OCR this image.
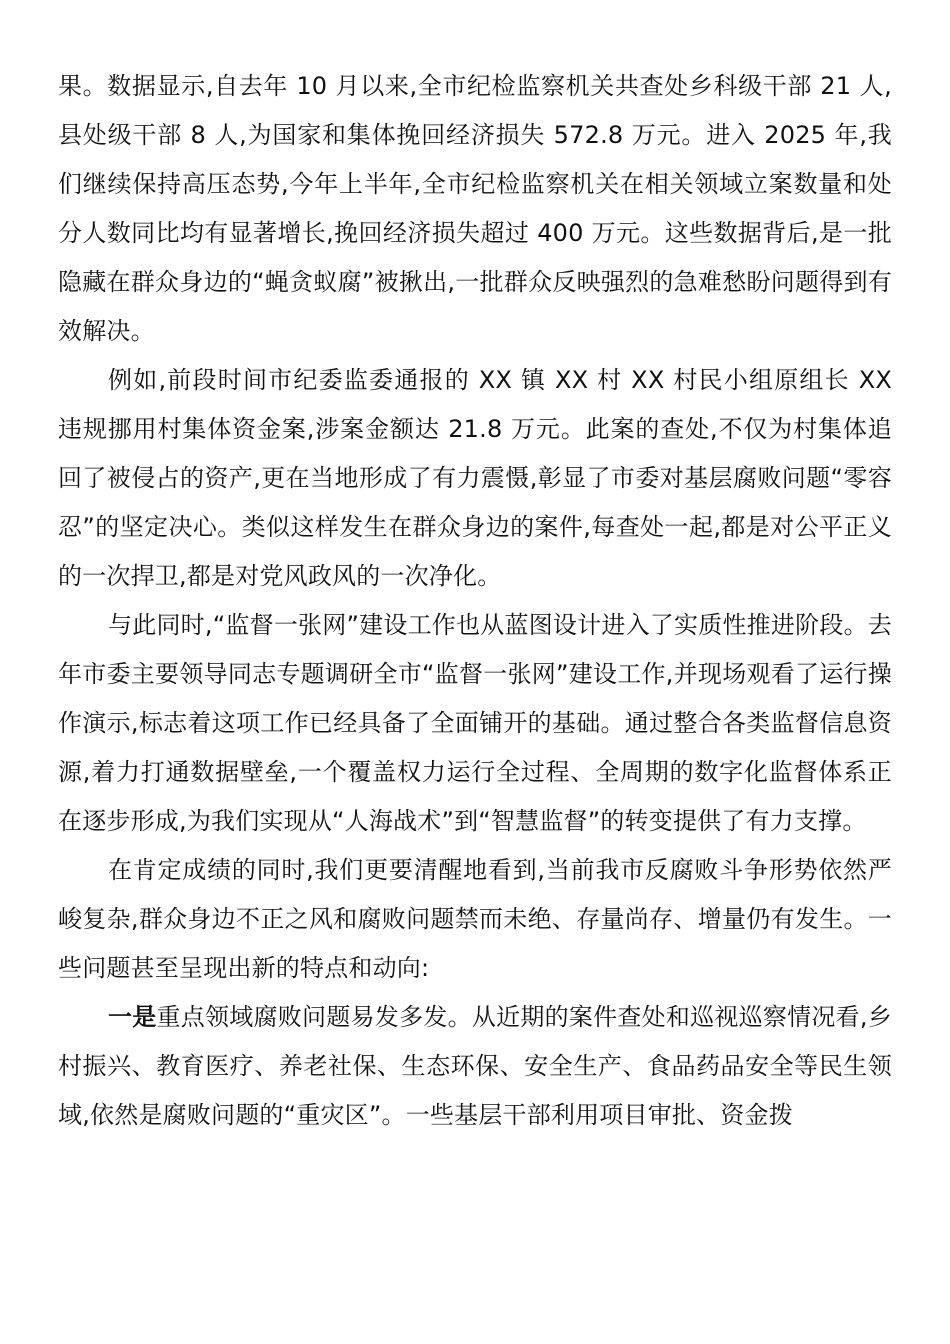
果。数据显示,自去年 10 月以来,全市纪检监察机关共查处乡科级干部 21 人,县处级干部 8 人,为国家和集体挽回经济损失 572.8 万元。进入 2025 年,我们继续保持高压态势,今年上半年,全市纪检监察机关在相关领域立案数量和处分人数同比均有显著增长,挽回经济损失超过 400 万元。这些数据背后,是一批隐藏在群众身边的“蝇贪蚁腐”被揪出,一批群众反映强烈的急难愁盼问题得到有效解决。

例如,前段时间市纪委监委通报的 XX 镇 XX 村 XX 村民小组原组长 XX 违规挪用村集体资金案,涉案金额达 21.8 万元。此案的查处,不仅为村集体追回了被侵占的资产,更在当地形成了有力震慑,彰显了市委对基层腐败问题“零容忍”的坚定决心。类似这样发生在群众身边的案件,每查处一起,都是对公平正义的一次捍卫,都是对党风政风的一次净化。

与此同时,“监督一张网”建设工作也从蓝图设计进入了实质性推进阶段。去年市委主要领导同志专题调研全市“监督一张网”建设工作,并现场观看了运行操作演示,标志着这项工作已经具备了全面铺开的基础。通过整合各类监督信息资源,着力打通数据壁垒,一个覆盖权力运行全过程、全周期的数字化监督体系正在逐步形成,为我们实现从“人海战术”到“智慧监督”的转变提供了有力支撑。

在肯定成绩的同时,我们更要清醒地看到,当前我市反腐败斗争形势依然严峻复杂,群众身边不正之风和腐败问题禁而未绝、存量尚存、增量仍有发生。一些问题甚至呈现出新的特点和动向:

一是重点领域腐败问题易发多发。从近期的案件查处和巡视巡察情况看,乡村振兴、教育医疗、养老社保、生态环保、安全生产、食品药品安全等民生领域,依然是腐败问题的“重灾区”。一些基层干部利用项目审批、资金拨
